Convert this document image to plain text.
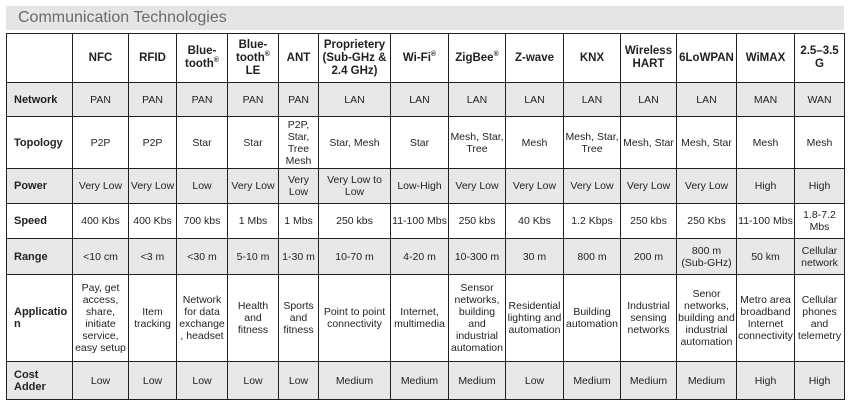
Communication Technologies
	NFC	RFID	Blue-tooth®	Blue-tooth® LE	ANT	Proprietery (Sub-GHz & 2.4 GHz)	Wi-Fi®	ZigBee®	Z-wave	KNX	Wireless HART	6LoWPAN	WiMAX	2.5–3.5 G
Network	PAN	PAN	PAN	PAN	PAN	LAN	LAN	LAN	LAN	LAN	LAN	LAN	MAN	WAN
Topology	P2P	P2P	Star	Star	P2P, Star, Tree Mesh	Star, Mesh	Star	Mesh, Star, Tree	Mesh	Mesh, Star, Tree	Mesh, Star	Mesh, Star	Mesh	Mesh
Power	Very Low	Very Low	Low	Very Low	Very Low	Very Low to Low	Low-High	Very Low	Very Low	Very Low	Very Low	Very Low	High	High
Speed	400 Kbs	400 Kbs	700 kbs	1 Mbs	1 Mbs	250 kbs	11-100 Mbs	250 kbs	40 Kbs	1.2 Kbps	250 kbs	250 Kbs	11-100 Mbs	1.8-7.2 Mbs
Range	<10 cm	<3 m	<30 m	5-10 m	1-30 m	10-70 m	4-20 m	10-300 m	30 m	800 m	200 m	800 m (Sub-GHz)	50 km	Cellular network
Application	Pay, get access, share, initiate service, easy setup	Item tracking	Network for data exchange, headset	Health and fitness	Sports and fitness	Point to point connectivity	Internet, multimedia	Sensor networks, building and industrial automation	Residential lighting and automation	Building automation	Industrial sensing networks	Senor networks, building and industrial automation	Metro area broadband Internet connectivity	Cellular phones and telemetry
Cost Adder	Low	Low	Low	Low	Low	Medium	Medium	Medium	Low	Medium	Medium	Medium	High	High
